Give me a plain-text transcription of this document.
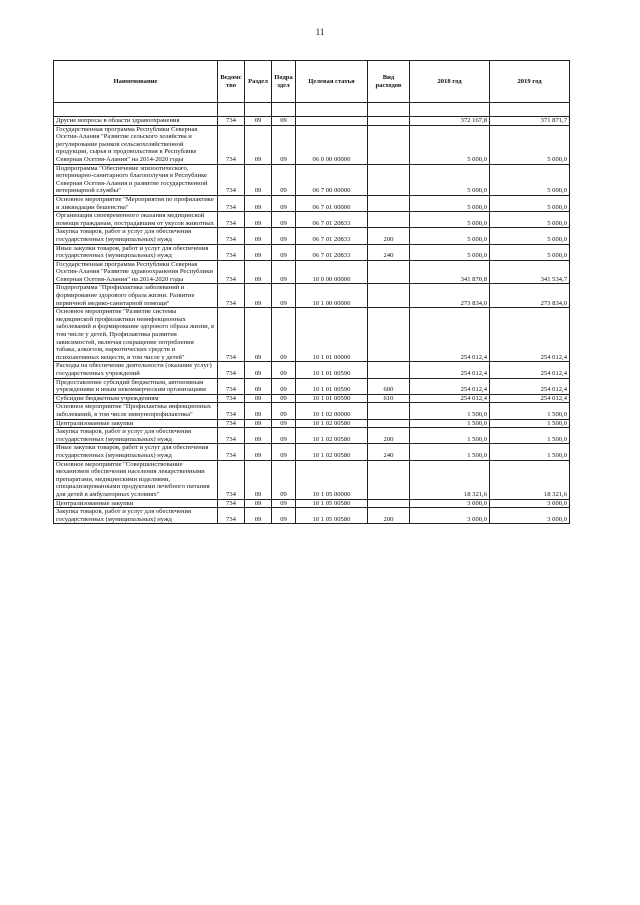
11
Наименование	Ведомс тво	Раздел	Подра здел	Целевая статья	Вид расходов	2018 год	2019 год

Другие вопросы в области здравоохранения	734	09	09			372 167,8	371 871,7
Государственная программа Республики Северная Осетия-Алания "Развитие сельского хозяйства и регулирование рынков сельскохозяйственной продукции, сырья и продовольствия в Республике Северная Осетия-Алания" на 2014-2020 годы	734	09	09	06 0 00 00000		5 000,0	5 000,0
Подпрограмма "Обеспечение эпизоотического, ветеринарно-санитарного благополучия в Республике Северная Осетия-Алания и развитие государственной ветеринарной службы"	734	09	09	06 7 00 00000		5 000,0	5 000,0
Основное мероприятие "Мероприятия по профилактике и ликвидации бешенства"	734	09	09	06 7 01 00000		5 000,0	5 000,0
Организация своевременного оказания медицинской помощи гражданам, пострадавшим от укусов животных	734	09	09	06 7 01 20833		5 000,0	5 000,0
Закупка товаров, работ и услуг для обеспечения государственных (муниципальных) нужд	734	09	09	06 7 01 20833	200	5 000,0	5 000,0
Иные закупки товаров, работ и услуг для обеспечения государственных (муниципальных) нужд	734	09	09	06 7 01 20833	240	5 000,0	5 000,0
Государственная программа Республики Северная Осетия-Алания "Развитие здравоохранения Республики Северная Осетия-Алания" на 2014-2020 годы	734	09	09	10 0 00 00000		341 870,8	341 534,7
Подпрограмма "Профилактика заболеваний и формирование здорового образа жизни. Развитие первичной медико-санитарной помощи"	734	09	09	10 1 00 00000		273 834,0	273 834,0
Основное мероприятие "Развитие системы медицинской профилактики неинфекционных заболеваний и формирование здорового образа жизни, в том числе у детей. Профилактика развития зависимостей, включая сокращение потребления табака, алкоголя, наркотических средств и психоактивных веществ, в том числе у детей"	734	09	09	10 1 01 00000		254 012,4	254 012,4
Расходы на обеспечение деятельности (оказание услуг) государственных учреждений	734	09	09	10 1 01 00590		254 012,4	254 012,4
Предоставление субсидий бюджетным, автономным учреждениям и иным некоммерческим организациям	734	09	09	10 1 01 00590	600	254 012,4	254 012,4
Субсидии бюджетным учреждениям	734	09	09	10 1 01 00590	610	254 012,4	254 012,4
Основное мероприятие "Профилактика инфекционных заболеваний, в том числе иммунопрофилактика"	734	09	09	10 1 02 00000		1 500,0	1 500,0
Централизованные закупки	734	09	09	10 1 02 00580		1 500,0	1 500,0
Закупка товаров, работ и услуг для обеспечения государственных (муниципальных) нужд	734	09	09	10 1 02 00580	200	1 500,0	1 500,0
Иные закупки товаров, работ и услуг для обеспечения государственных (муниципальных) нужд	734	09	09	10 1 02 00580	240	1 500,0	1 500,0
Основное мероприятие "Совершенствование механизмов обеспечения населения лекарственными препаратами, медицинскими изделиями, специализированными продуктами лечебного питания для детей в амбулаторных условиях"	734	09	09	10 1 05 00000		18 321,6	18 321,6
Централизованные закупки	734	09	09	10 1 05 00580		3 000,0	3 000,0
Закупка товаров, работ и услуг для обеспечения государственных (муниципальных) нужд	734	09	09	10 1 05 00580	200	3 000,0	3 000,0
